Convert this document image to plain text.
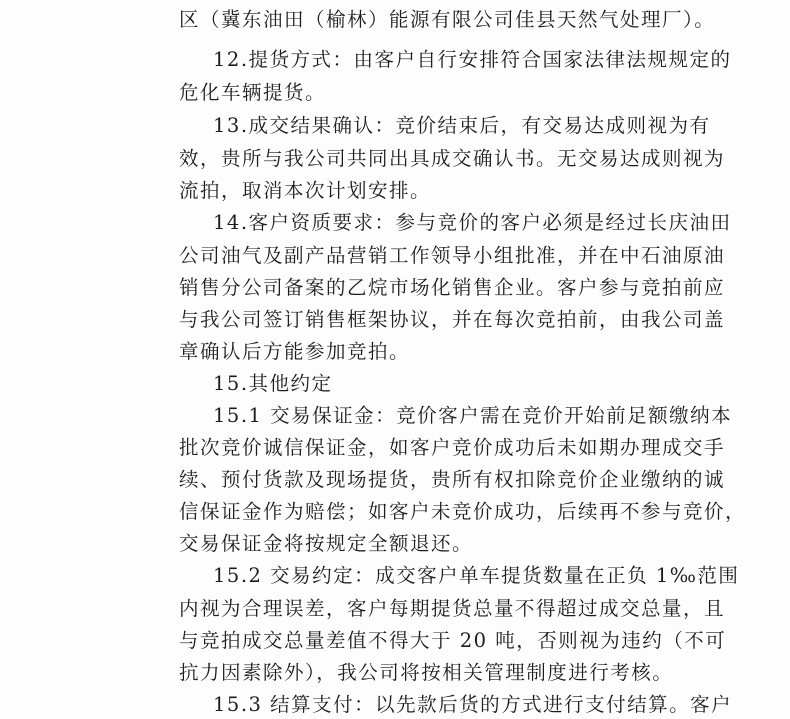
区（冀东油田（榆林）能源有限公司佳县天然气处理厂）。
12.提货方式：由客户自行安排符合国家法律法规规定的
危化车辆提货。
13.成交结果确认：竞价结束后，有交易达成则视为有
效，贵所与我公司共同出具成交确认书。无交易达成则视为
流拍，取消本次计划安排。
14.客户资质要求：参与竞价的客户必须是经过长庆油田
公司油气及副产品营销工作领导小组批准，并在中石油原油
销售分公司备案的乙烷市场化销售企业。客户参与竞拍前应
与我公司签订销售框架协议，并在每次竞拍前，由我公司盖
章确认后方能参加竞拍。
15.其他约定
15.1 交易保证金：竞价客户需在竞价开始前足额缴纳本
批次竞价诚信保证金，如客户竞价成功后未如期办理成交手
续、预付货款及现场提货，贵所有权扣除竞价企业缴纳的诚
信保证金作为赔偿；如客户未竞价成功，后续再不参与竞价，
交易保证金将按规定全额退还。
15.2 交易约定：成交客户单车提货数量在正负 1‰范围
内视为合理误差，客户每期提货总量不得超过成交总量，且
与竞拍成交总量差值不得大于 20 吨，否则视为违约（不可
抗力因素除外），我公司将按相关管理制度进行考核。
15.3 结算支付：以先款后货的方式进行支付结算。客户
